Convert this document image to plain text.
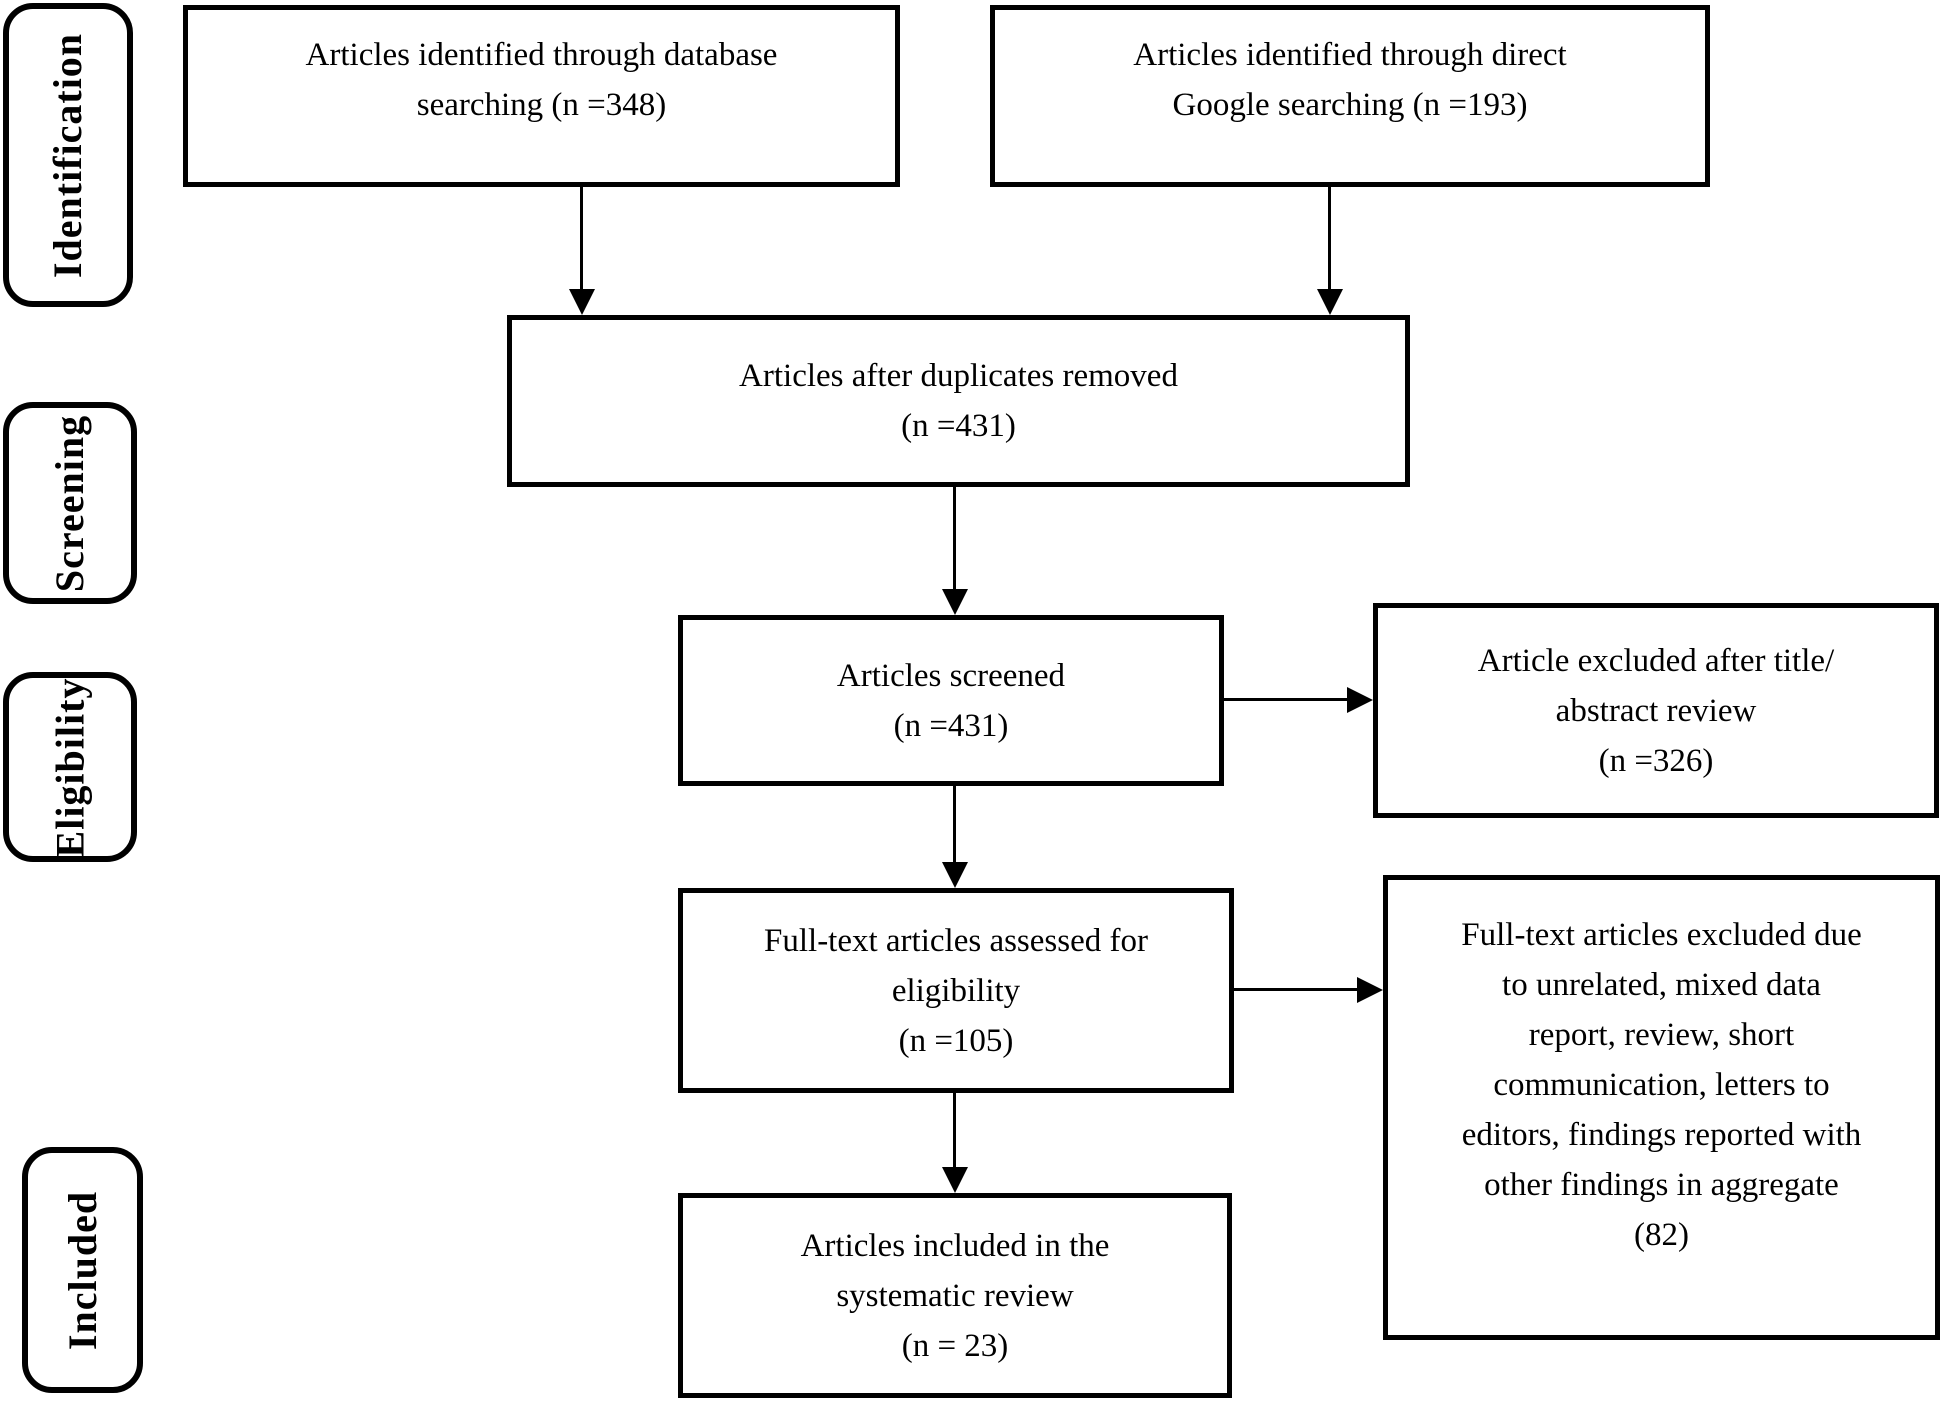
Identification
Screening
Eligibility
Included
Articles identified through database
searching (n =348)
Articles identified through direct
Google searching (n =193)
Articles after duplicates removed
(n =431)
Articles screened
(n =431)
Article excluded after title/
abstract review
(n =326)
Full-text articles assessed for
eligibility
(n =105)
Full-text articles excluded due
to unrelated, mixed data
report, review, short
communication, letters to
editors, findings reported with
other findings in aggregate
(82)
Articles included in the
systematic review
(n = 23)
